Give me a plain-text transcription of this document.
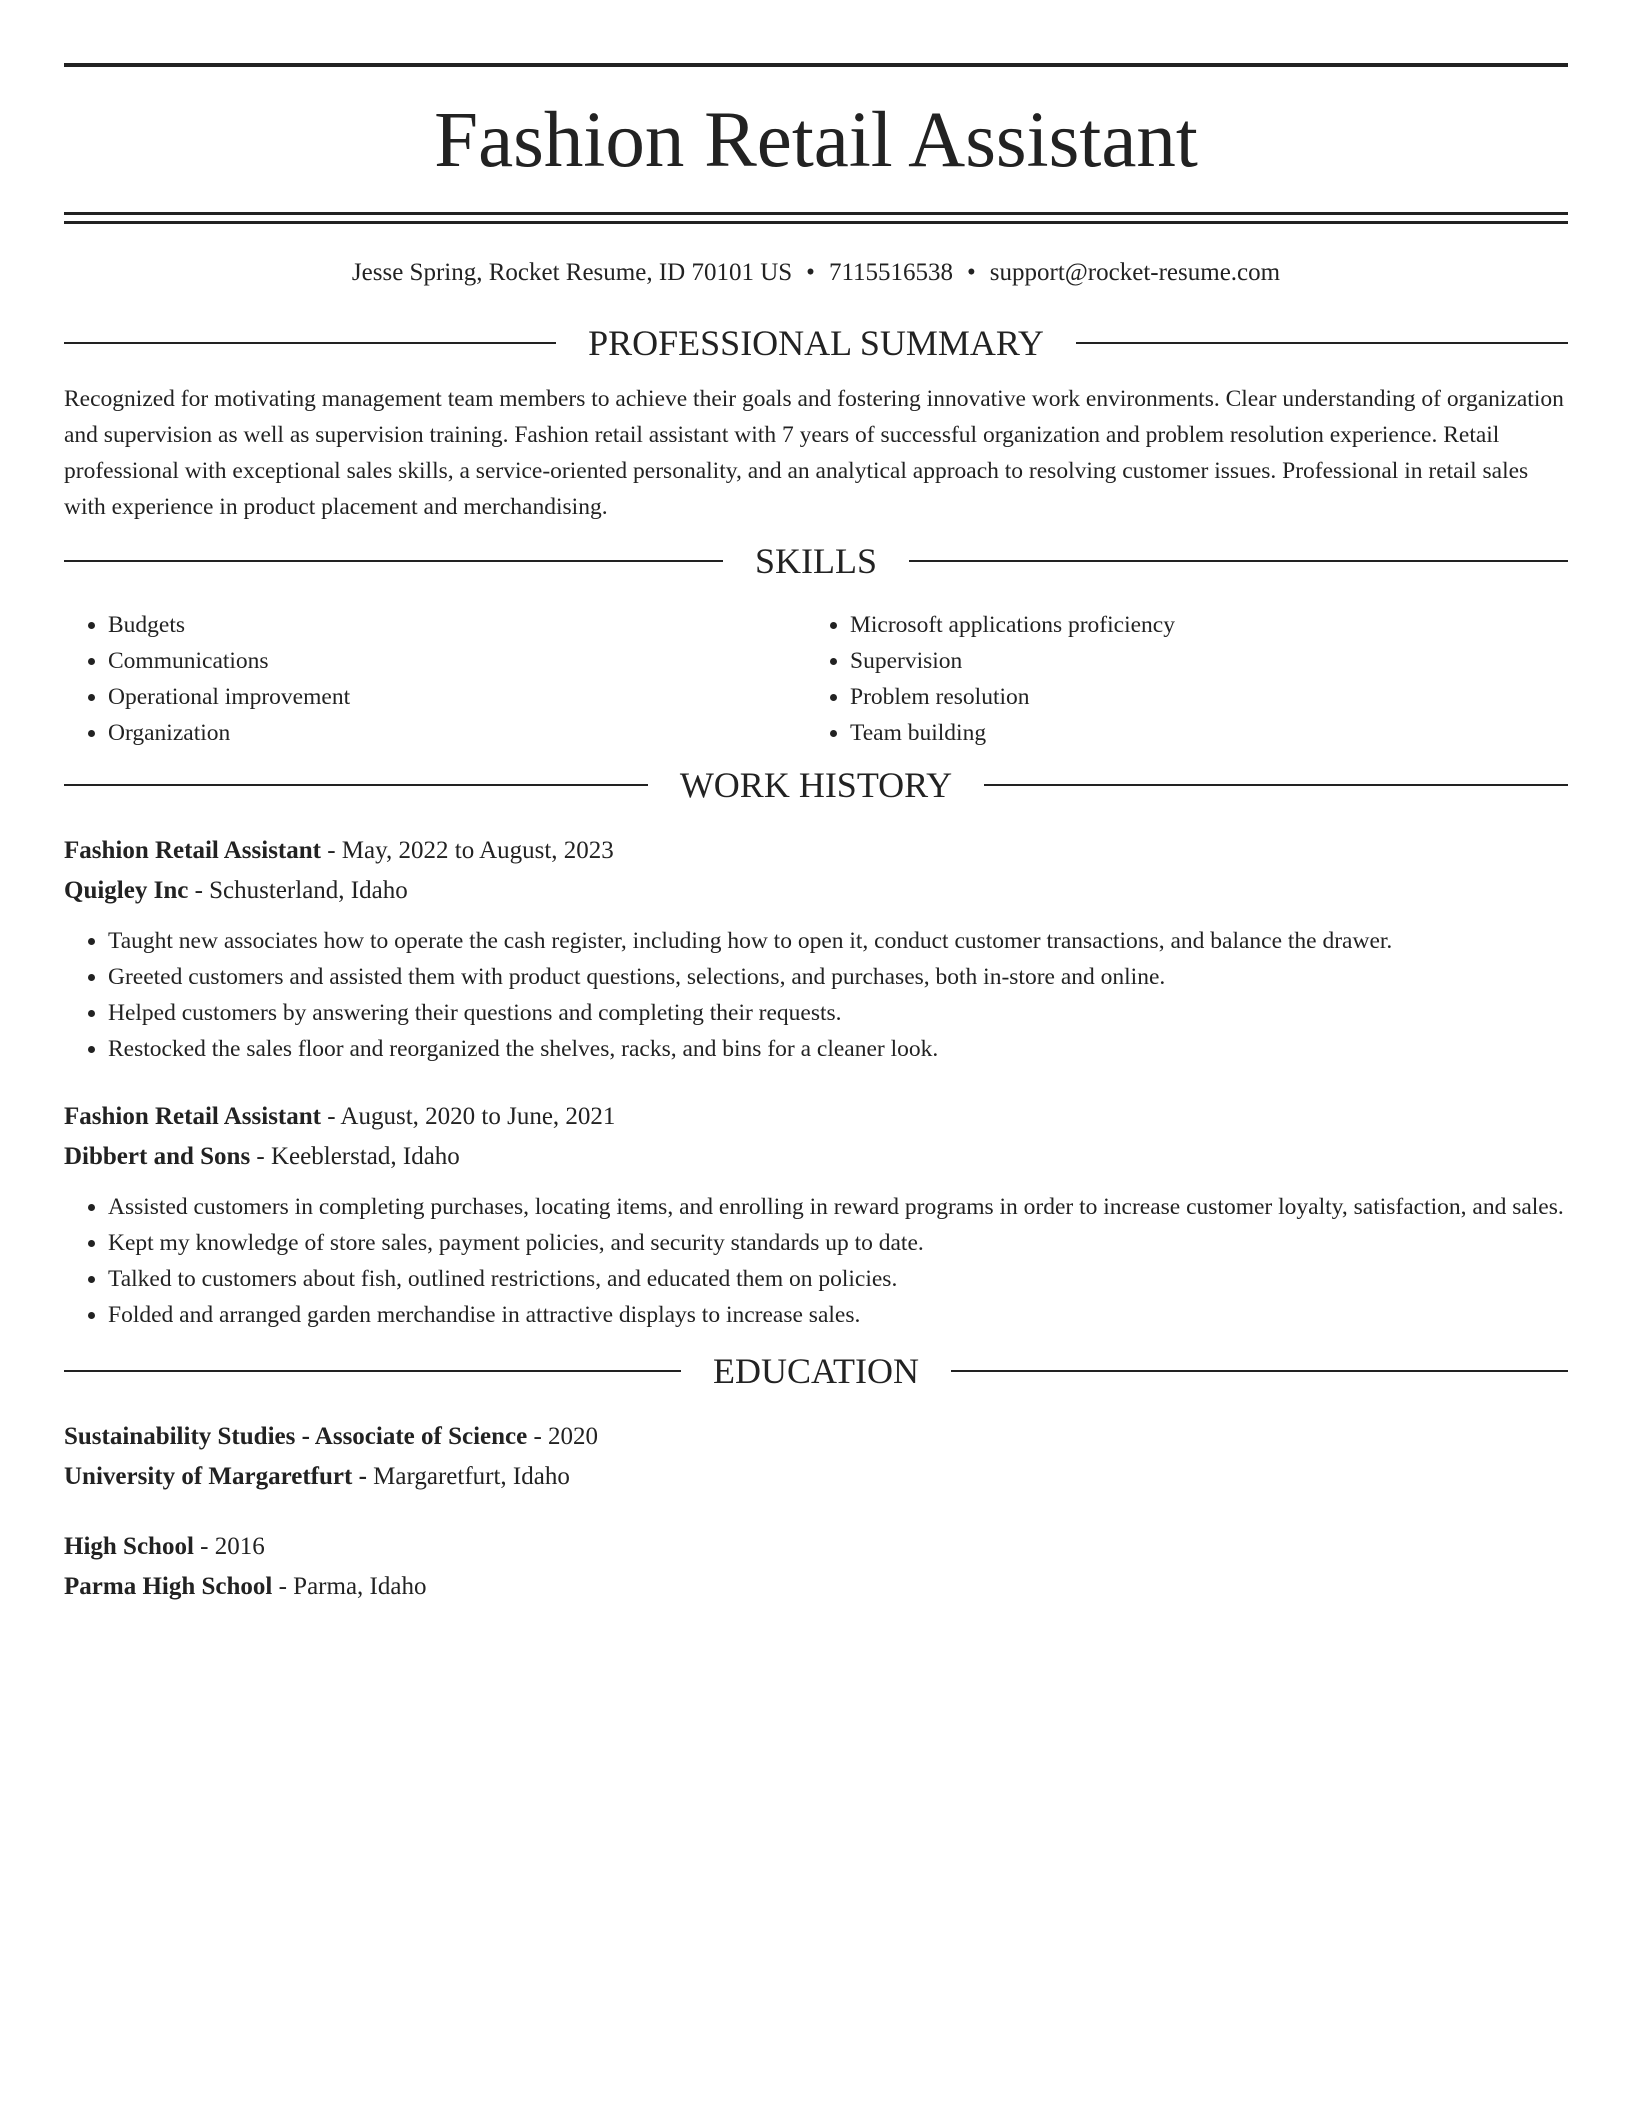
Fashion Retail Assistant
Jesse Spring, Rocket Resume, ID 70101 US • 7115516538 • support@rocket-resume.com
PROFESSIONAL SUMMARY
Recognized for motivating management team members to achieve their goals and fostering innovative work environments. Clear understanding of organization and supervision as well as supervision training. Fashion retail assistant with 7 years of successful organization and problem resolution experience. Retail professional with exceptional sales skills, a service-oriented personality, and an analytical approach to resolving customer issues. Professional in retail sales with experience in product placement and merchandising.
SKILLS
• Budgets
• Communications
• Operational improvement
• Organization
• Microsoft applications proficiency
• Supervision
• Problem resolution
• Team building
WORK HISTORY
Fashion Retail Assistant - May, 2022 to August, 2023
Quigley Inc - Schusterland, Idaho
• Taught new associates how to operate the cash register, including how to open it, conduct customer transactions, and balance the drawer.
• Greeted customers and assisted them with product questions, selections, and purchases, both in-store and online.
• Helped customers by answering their questions and completing their requests.
• Restocked the sales floor and reorganized the shelves, racks, and bins for a cleaner look.
Fashion Retail Assistant - August, 2020 to June, 2021
Dibbert and Sons - Keeblerstad, Idaho
• Assisted customers in completing purchases, locating items, and enrolling in reward programs in order to increase customer loyalty, satisfaction, and sales.
• Kept my knowledge of store sales, payment policies, and security standards up to date.
• Talked to customers about fish, outlined restrictions, and educated them on policies.
• Folded and arranged garden merchandise in attractive displays to increase sales.
EDUCATION
Sustainability Studies - Associate of Science - 2020
University of Margaretfurt - Margaretfurt, Idaho
High School - 2016
Parma High School - Parma, Idaho
